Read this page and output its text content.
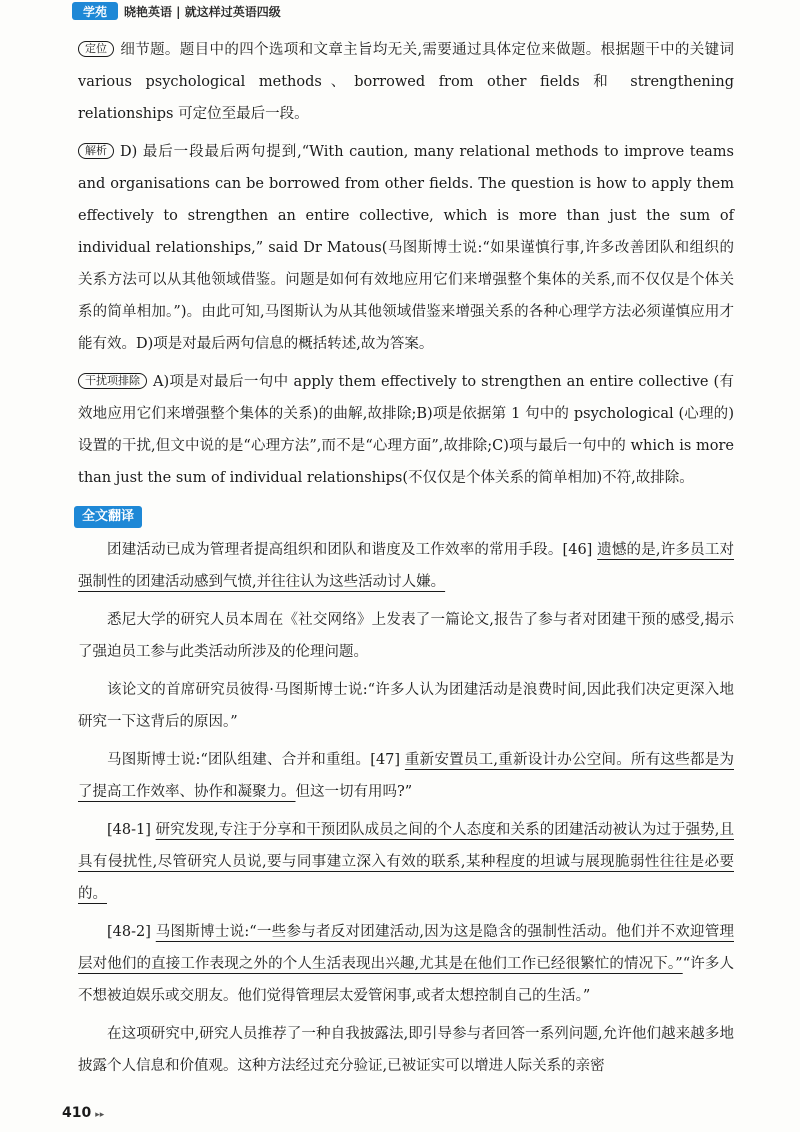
学苑	晓艳英语 | 就这样过英语四级

定位 细节题。题目中的四个选项和文章主旨均无关,需要通过具体定位来做题。根据题干中的关键词 various psychological methods、borrowed from other fields 和 strengthening relationships 可定位至最后一段。

解析 D) 最后一段最后两句提到,“With caution, many relational methods to improve teams and organisations can be borrowed from other fields. The question is how to apply them effectively to strengthen an entire collective, which is more than just the sum of individual relationships,” said Dr Matous(马图斯博士说:“如果谨慎行事,许多改善团队和组织的关系方法可以从其他领域借鉴。问题是如何有效地应用它们来增强整个集体的关系,而不仅仅是个体关系的简单相加。”)。由此可知,马图斯认为从其他领域借鉴来增强关系的各种心理学方法必须谨慎应用才能有效。D)项是对最后两句信息的概括转述,故为答案。

干扰项排除 A)项是对最后一句中 apply them effectively to strengthen an entire collective (有效地应用它们来增强整个集体的关系)的曲解,故排除;B)项是依据第 1 句中的 psychological (心理的)设置的干扰,但文中说的是“心理方法”,而不是“心理方面”,故排除;C)项与最后一句中的 which is more than just the sum of individual relationships(不仅仅是个体关系的简单相加)不符,故排除。

全文翻译

团建活动已成为管理者提高组织和团队和谐度及工作效率的常用手段。[46] 遗憾的是,许多员工对强制性的团建活动感到气愤,并往往认为这些活动讨人嫌。

悉尼大学的研究人员本周在《社交网络》上发表了一篇论文,报告了参与者对团建干预的感受,揭示了强迫员工参与此类活动所涉及的伦理问题。

该论文的首席研究员彼得·马图斯博士说:“许多人认为团建活动是浪费时间,因此我们决定更深入地研究一下这背后的原因。”

马图斯博士说:“团队组建、合并和重组。[47] 重新安置员工,重新设计办公空间。所有这些都是为了提高工作效率、协作和凝聚力。但这一切有用吗?”

[48-1] 研究发现,专注于分享和干预团队成员之间的个人态度和关系的团建活动被认为过于强势,且具有侵扰性,尽管研究人员说,要与同事建立深入有效的联系,某种程度的坦诚与展现脆弱性往往是必要的。

[48-2] 马图斯博士说:“一些参与者反对团建活动,因为这是隐含的强制性活动。他们并不欢迎管理层对他们的直接工作表现之外的个人生活表现出兴趣,尤其是在他们工作已经很繁忙的情况下。”“许多人不想被迫娱乐或交朋友。他们觉得管理层太爱管闲事,或者太想控制自己的生活。”

在这项研究中,研究人员推荐了一种自我披露法,即引导参与者回答一系列问题,允许他们越来越多地披露个人信息和价值观。这种方法经过充分验证,已被证实可以增进人际关系的亲密

410 ▸▸
